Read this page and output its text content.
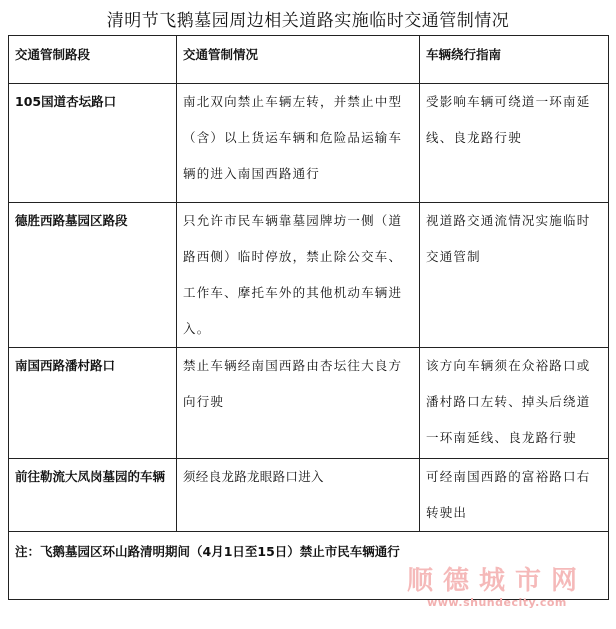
清明节飞鹅墓园周边相关道路实施临时交通管制情况
交通管制路段	交通管制情况	车辆绕行指南
105国道杏坛路口	南北双向禁止车辆左转，并禁止中型（含）以上货运车辆和危险品运输车辆的进入南国西路通行	受影响车辆可绕道一环南延线、良龙路行驶
德胜西路墓园区路段	只允许市民车辆靠墓园牌坊一侧（道路西侧）临时停放，禁止除公交车、工作车、摩托车外的其他机动车辆进入。	视道路交通流情况实施临时交通管制
南国西路潘村路口	禁止车辆经南国西路由杏坛往大良方向行驶	该方向车辆须在众裕路口或潘村路口左转、掉头后绕道一环南延线、良龙路行驶
前往勒流大凤岗墓园的车辆	须经良龙路龙眼路口进入	可经南国西路的富裕路口右转驶出
注：飞鹅墓园区环山路清明期间（4月1日至15日）禁止市民车辆通行		
顺德城市网
www.shundecity.com
